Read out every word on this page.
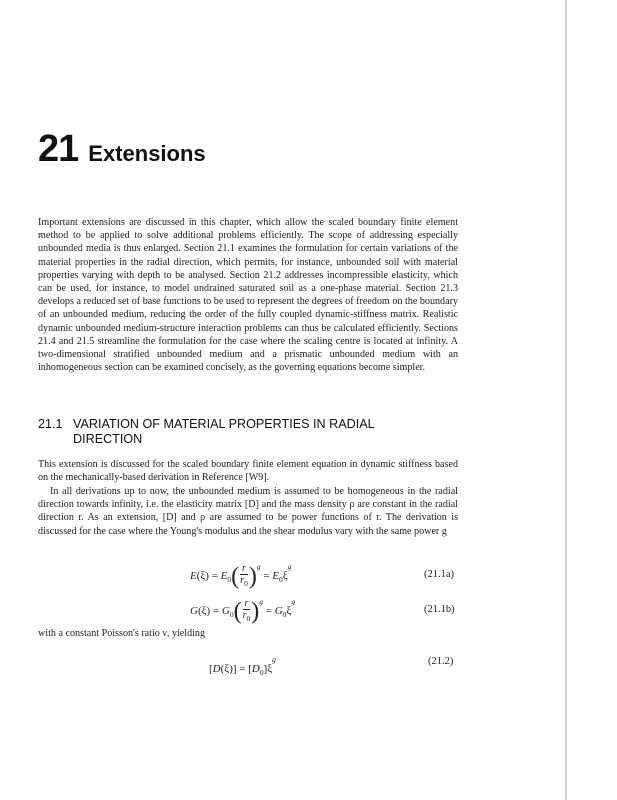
21 Extensions

Important extensions are discussed in this chapter, which allow the scaled boundary finite element method to be applied to solve additional problems efficiently. The scope of addressing especially unbounded media is thus enlarged. Section 21.1 examines the formulation for certain variations of the material properties in the radial direction, which permits, for instance, unbounded soil with material properties varying with depth to be analysed. Section 21.2 addresses incompressible elasticity, which can be used, for instance, to model undrained saturated soil as a one-phase material. Section 21.3 develops a reduced set of base functions to be used to represent the degrees of freedom on the boundary of an unbounded medium, reducing the order of the fully coupled dynamic-stiffness matrix. Realistic dynamic unbounded medium-structure interaction problems can thus be calculated efficiently. Sections 21.4 and 21.5 streamline the formulation for the case where the scaling centre is located at infinity. A two-dimensional stratified unbounded medium and a prismatic unbounded medium with an inhomogeneous section can be examined concisely, as the governing equations become simpler.

21.1 VARIATION OF MATERIAL PROPERTIES IN RADIAL
DIRECTION

This extension is discussed for the scaled boundary finite element equation in dynamic stiffness based on the mechanically-based derivation in Reference [W9].

In all derivations up to now, the unbounded medium is assumed to be homogeneous in the radial direction towards infinity, i.e. the elasticity matrix [D] and the mass density ρ are constant in the radial direction r. As an extension, [D] and ρ are assumed to be power functions of r. The derivation is discussed for the case where the Young's modulus and the shear modulus vary with the same power g

$E(\xi) = E_0( \frac{r}{r_0} )^g = E_0\xi^g$
(21.1a)
$G(\xi) = G_0( \frac{r}{r_0} )^g = G_0\xi^g$
(21.1b)

with a constant Poisson's ratio ν, yielding

$[D(\xi)] = [D_0]\xi^g$	(21.2)
